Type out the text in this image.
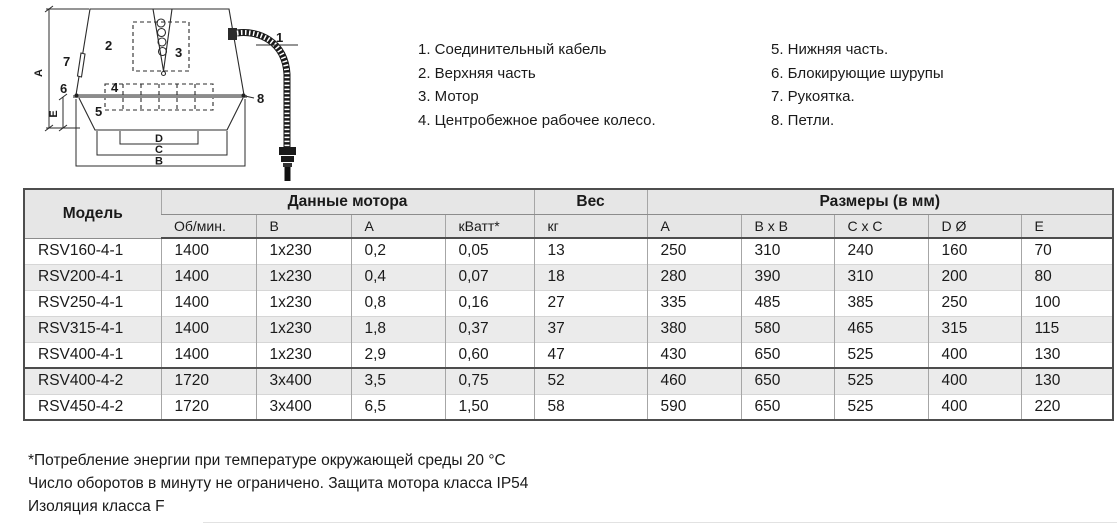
1
2	3
4
5
6
7
8
A
E
D
C
B
1. Соединительный кабель
2. Верхняя часть
3. Мотор
4. Центробежное рабочее колесо.
5. Нижняя часть.
6. Блокирующие шурупы
7. Рукоятка.
8. Петли.
Модель	Данные мотора				Вес	Размеры (в мм)				
	Об/мин.	В	А	кВатт*	кг	A	B x B	C x C	D Ø	E
RSV160-4-1	1400	1x230	0,2	0,05	13	250	310	240	160	70
RSV200-4-1	1400	1x230	0,4	0,07	18	280	390	310	200	80
RSV250-4-1	1400	1x230	0,8	0,16	27	335	485	385	250	100
RSV315-4-1	1400	1x230	1,8	0,37	37	380	580	465	315	115
RSV400-4-1	1400	1x230	2,9	0,60	47	430	650	525	400	130
RSV400-4-2	1720	3x400	3,5	0,75	52	460	650	525	400	130
RSV450-4-2	1720	3x400	6,5	1,50	58	590	650	525	400	220
*Потребление энергии при температуре окружающей среды 20 °C
Число оборотов в минуту не ограничено. Защита мотора класса IP54
Изоляция класса F
